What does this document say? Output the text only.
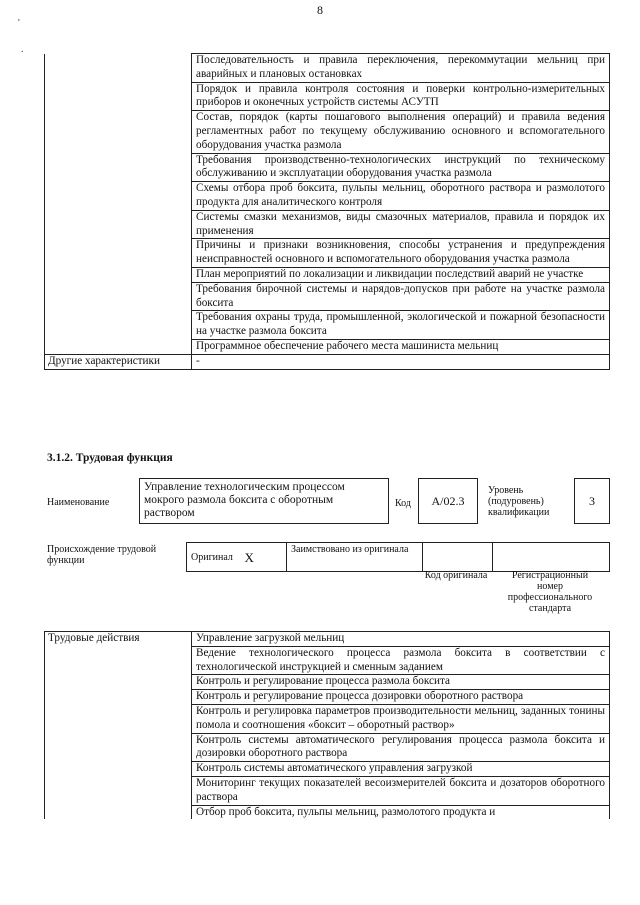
8
'
.
	Последовательность и правила переключения, перекоммутации мельниц при аварийных и плановых остановках
	Порядок и правила контроля состояния и поверки контрольно-измерительных приборов и оконечных устройств системы АСУТП
	Состав, порядок (карты пошагового выполнения операций) и правила ведения регламентных работ по текущему обслуживанию основного и вспомогательного оборудования участка размола
	Требования производственно-технологических инструкций по техническому обслуживанию и эксплуатации оборудования участка размола
	Схемы отбора проб боксита, пульпы мельниц, оборотного раствора и размолотого продукта для аналитического контроля
	Системы смазки механизмов, виды смазочных материалов, правила и порядок их применения
	Причины и признаки возникновения, способы устранения и предупреждения неисправностей основного и вспомогательного оборудования участка размола
	План мероприятий по локализации и ликвидации последствий аварий не участке
	Требования бирочной системы и нарядов-допусков при работе на участке размола боксита
	Требования охраны труда, промышленной, экологической и пожарной безопасности на участке размола боксита
	Программное обеспечение рабочего места машиниста мельниц
Другие характеристики	-
3.1.2. Трудовая функция
Наименование
Управление технологическим процессом мокрого размола боксита с оборотным раствором
Код А/02.3
Уровень (подуровень) квалификации
3
Происхождение трудовой функции	Оригинал	X	Заимствовано из оригинала		
Код оригинала	Регистрационный номер профессионального стандарта
Трудовые действия	Управление загрузкой мельниц
Ведение технологического процесса размола боксита в соответствии с технологической инструкцией и сменным заданием
Контроль и регулирование процесса размола боксита
Контроль и регулирование процесса дозировки оборотного раствора
Контроль и регулировка параметров производительности мельниц, заданных тонины помола и соотношения «боксит – оборотный раствор»
Контроль системы автоматического регулирования процесса размола боксита и дозировки оборотного раствора
Контроль системы автоматического управления загрузкой
Мониторинг текущих показателей весоизмерителей боксита и дозаторов оборотного раствора
Отбор проб боксита, пульпы мельниц, размолотого продукта и
